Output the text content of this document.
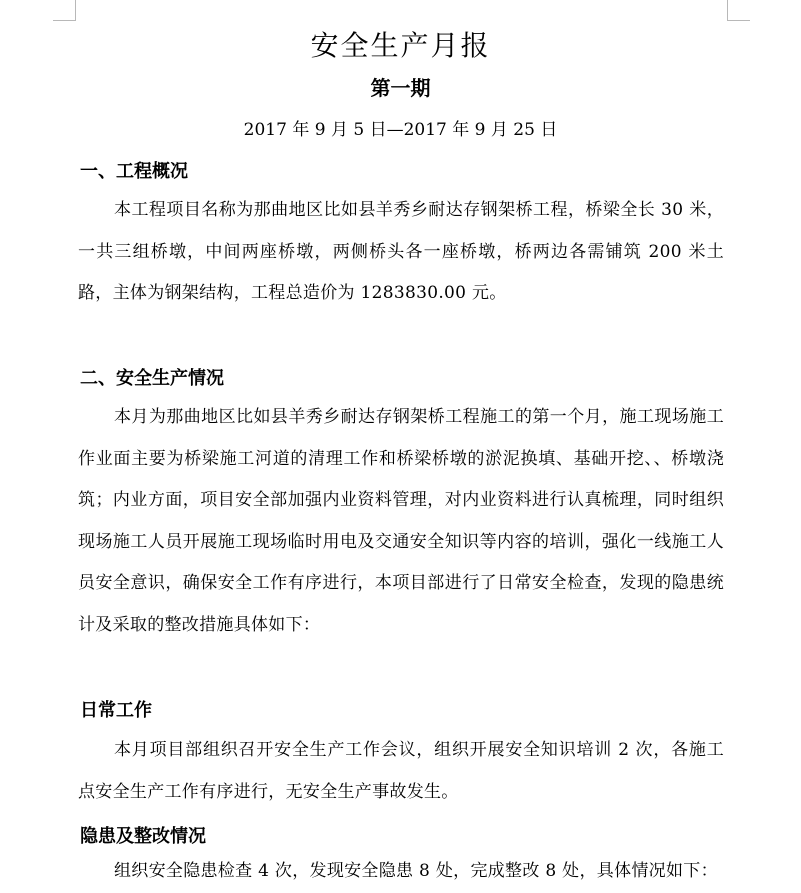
安全生产月报
第一期
2017 年 9 月 5 日—2017 年 9 月 25 日
一、工程概况
本工程项目名称为那曲地区比如县羊秀乡耐达存钢架桥工程，桥梁全长 30 米，一共三组桥墩，中间两座桥墩，两侧桥头各一座桥墩，桥两边各需铺筑 200 米土路，主体为钢架结构，工程总造价为 1283830.00 元。
二、安全生产情况
本月为那曲地区比如县羊秀乡耐达存钢架桥工程施工的第一个月，施工现场施工作业面主要为桥梁施工河道的清理工作和桥梁桥墩的淤泥换填、基础开挖、、桥墩浇筑；内业方面，项目安全部加强内业资料管理，对内业资料进行认真梳理，同时组织现场施工人员开展施工现场临时用电及交通安全知识等内容的培训，强化一线施工人员安全意识，确保安全工作有序进行，本项目部进行了日常安全检查，发现的隐患统计及采取的整改措施具体如下：
日常工作
本月项目部组织召开安全生产工作会议，组织开展安全知识培训 2 次，各施工点安全生产工作有序进行，无安全生产事故发生。
隐患及整改情况
组织安全隐患检查 4 次，发现安全隐患 8 处，完成整改 8 处，具体情况如下：
